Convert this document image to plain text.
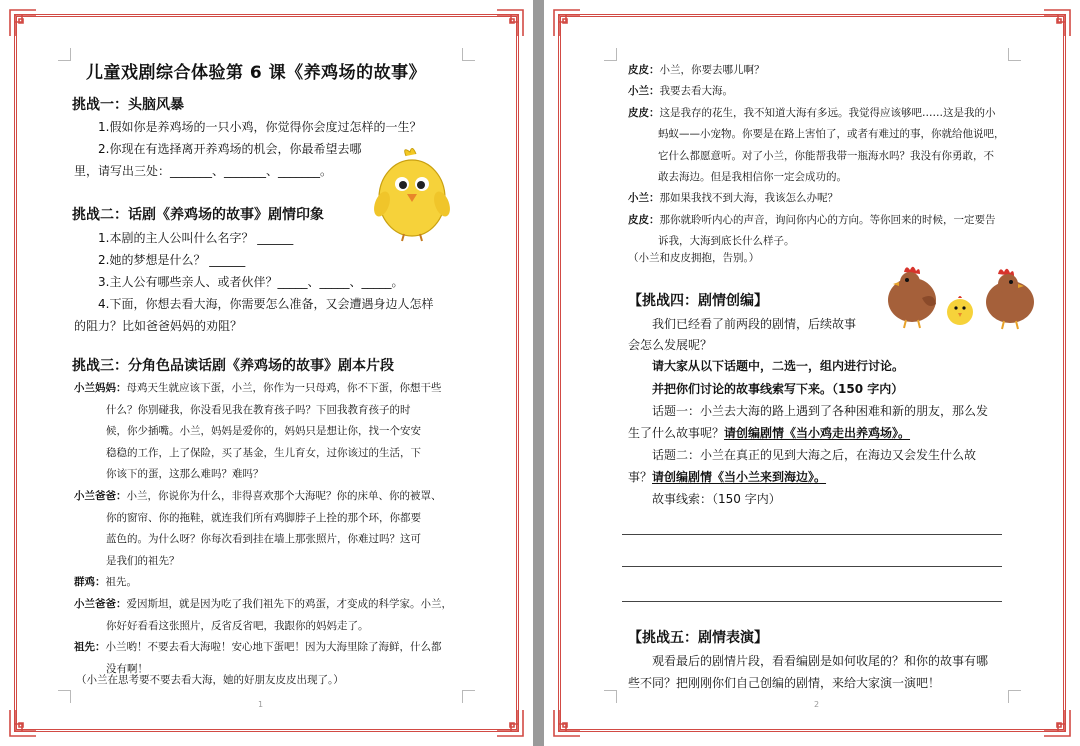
儿童戏剧综合体验第 6 课《养鸡场的故事》
挑战一：头脑风暴
1.假如你是养鸡场的一只小鸡，你觉得你会度过怎样的一生？
2.你现在有选择离开养鸡场的机会，你最希望去哪
里，请写出三处：_______、_______、_______。
挑战二：话剧《养鸡场的故事》剧情印象
1.本剧的主人公叫什么名字？ ______
2.她的梦想是什么？ ______
3.主人公有哪些亲人、或者伙伴？_____、_____、_____。
4.下面，你想去看大海，你需要怎么准备，又会遭遇身边人怎样
的阻力？比如爸爸妈妈的劝阻？
挑战三：分角色品读话剧《养鸡场的故事》剧本片段
小兰妈妈：母鸡天生就应该下蛋，小兰，你作为一只母鸡，你不下蛋，你想干些
什么？你别碰我，你没看见我在教育孩子吗？下回我教育孩子的时
候，你少插嘴。小兰，妈妈是爱你的，妈妈只是想让你，找一个安安
稳稳的工作，上了保险，买了基金，生儿育女，过你该过的生活，下
你该下的蛋，这那么难吗？难吗？
小兰爸爸：小兰，你说你为什么，非得喜欢那个大海呢？你的床单、你的被罩、
你的窗帘、你的拖鞋，就连我们所有鸡脚脖子上拴的那个环，你都要
蓝色的。为什么呀？你每次看到挂在墙上那张照片，你难过吗？这可
是我们的祖先？
群鸡：祖先。
小兰爸爸：爱因斯坦，就是因为吃了我们祖先下的鸡蛋，才变成的科学家。小兰，
你好好看看这张照片，反省反省吧，我跟你的妈妈走了。
祖先：小兰哟！不要去看大海啦！安心地下蛋吧！因为大海里除了海鲜，什么都
没有啊！
（小兰在思考要不要去看大海，她的好朋友皮皮出现了。）
1
皮皮：小兰，你要去哪儿啊？
小兰：我要去看大海。
皮皮：这是我存的花生，我不知道大海有多远。我觉得应该够吧……这是我的小
蚂蚁——小宠物。你要是在路上害怕了，或者有难过的事，你就给他说吧，
它什么都愿意听。对了小兰，你能帮我带一瓶海水吗？我没有你勇敢，不
敢去海边。但是我相信你一定会成功的。
小兰：那如果我找不到大海，我该怎么办呢？
皮皮：那你就聆听内心的声音，询问你内心的方向。等你回来的时候，一定要告
诉我，大海到底长什么样子。
（小兰和皮皮拥抱，告别。）
【挑战四：剧情创编】
我们已经看了前两段的剧情，后续故事
会怎么发展呢？
请大家从以下话题中，二选一，组内进行讨论。
并把你们讨论的故事线索写下来。（150 字内）
话题一：小兰去大海的路上遇到了各种困难和新的朋友，那么发
生了什么故事呢？请创编剧情《当小鸡走出养鸡场》。
话题二：小兰在真正的见到大海之后，在海边又会发生什么故
事？请创编剧情《当小兰来到海边》。
故事线索：（150 字内）
【挑战五：剧情表演】
观看最后的剧情片段，看看编剧是如何收尾的？和你的故事有哪
些不同？把刚刚你们自己创编的剧情，来给大家演一演吧！
2
